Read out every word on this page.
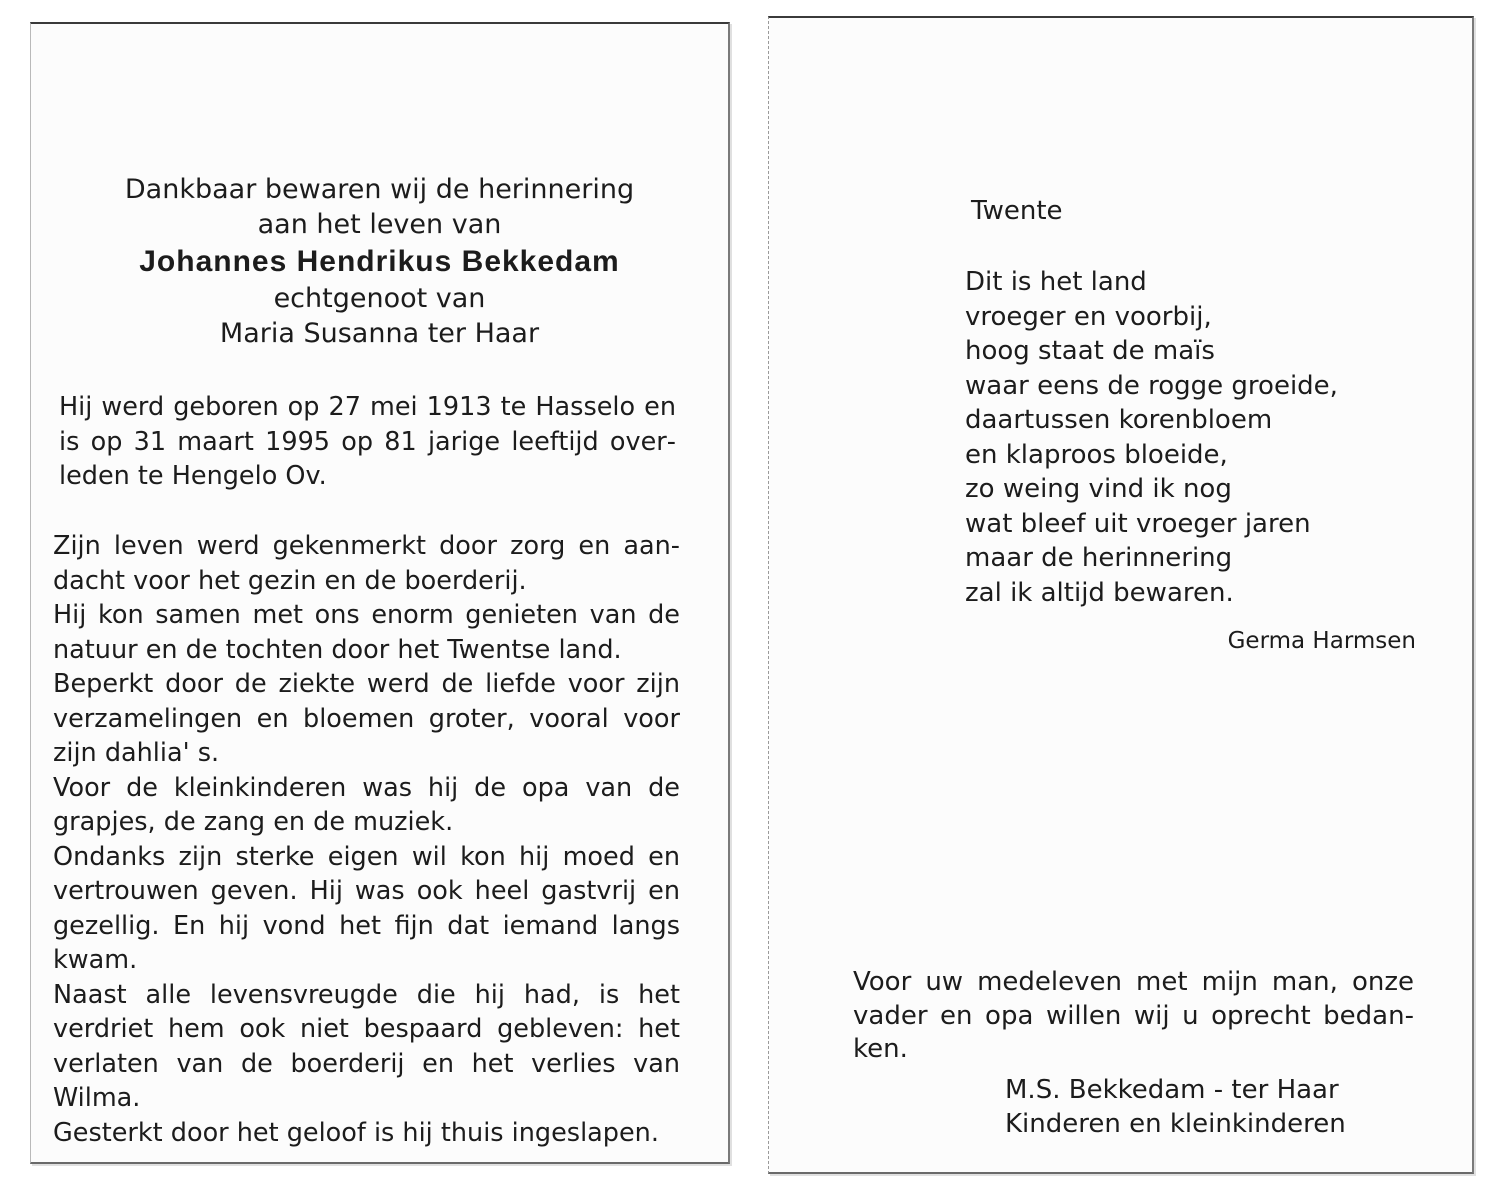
Dankbaar bewaren wij de herinnering
aan het leven van
Johannes Hendrikus Bekkedam
echtgenoot van
Maria Susanna ter Haar

Hij werd geboren op 27 mei 1913 te Hasselo en is op 31 maart 1995 op 81 jarige leeftijd overleden te Hengelo Ov.

Zijn leven werd gekenmerkt door zorg en aandacht voor het gezin en de boerderij.

Hij kon samen met ons enorm genieten van de natuur en de tochten door het Twentse land.

Beperkt door de ziekte werd de liefde voor zijn verzamelingen en bloemen groter, vooral voor zijn dahlia' s.

Voor de kleinkinderen was hij de opa van de grapjes, de zang en de muziek.

Ondanks zijn sterke eigen wil kon hij moed en vertrouwen geven. Hij was ook heel gastvrij en gezellig. En hij vond het fijn dat iemand langs kwam.

Naast alle levensvreugde die hij had, is het verdriet hem ook niet bespaard gebleven: het verlaten van de boerderij en het verlies van Wilma.

Gesterkt door het geloof is hij thuis ingeslapen.

Twente
Dit is het land
vroeger en voorbij,
hoog staat de maïs
waar eens de rogge groeide,
daartussen korenbloem
en klaproos bloeide,
zo weing vind ik nog
wat bleef uit vroeger jaren
maar de herinnering
zal ik altijd bewaren.
Germa Harmsen
Voor uw medeleven met mijn man, onze vader en opa willen wij u oprecht bedanken.
M.S. Bekkedam - ter Haar
Kinderen en kleinkinderen
